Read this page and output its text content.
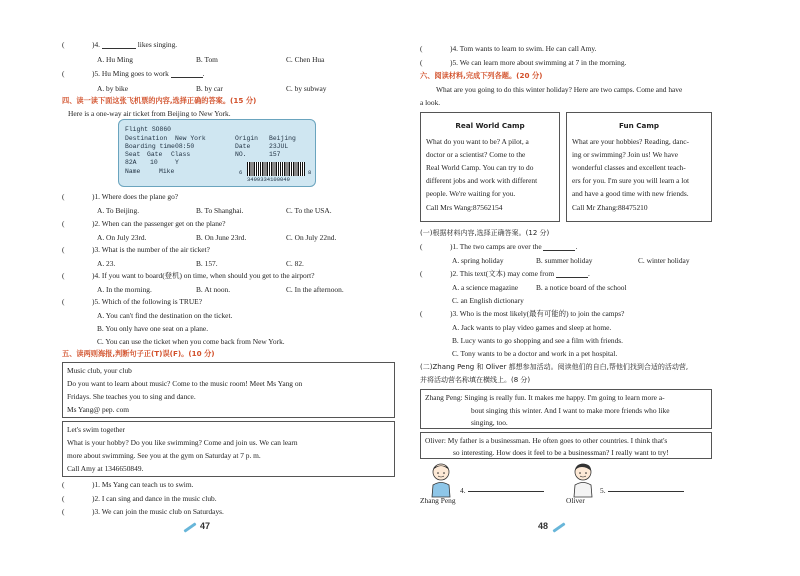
(	)4.	likes singing.
A. Hu Ming	B. Tom	C. Chen Hua
(	)5. Hu Ming goes to work	.
A. by bike	B. by car	C. by subway
四、读一读下面这张飞机票的内容,选择正确的答案。(15 分)
Here is a one-way air ticket from Beijing to New York.
Flight SO860
Destination New York	Origin Beijing
Boarding time 08:50	Date	23JUL
Seat Gate Class	NO.	157
82A 10	Y
Name	Mike	6	8
3499334100049
(	)1. Where does the plane go?
A. To Beijing.	B. To Shanghai.	C. To the USA.
(	)2. When can the passenger get on the plane?
A. On July 23rd.	B. On June 23rd.	C. On July 22nd.
(	)3. What is the number of the air ticket?
A. 23.	B. 157.	C. 82.
(	)4. If you want to board(登机) on time, when should you get to the airport?
A. In the morning.	B. At noon.	C. In the afternoon.
(	)5. Which of the following is TRUE?
A. You can't find the destination on the ticket.
B. You only have one seat on a plane.
C. You can use the ticket when you come back from New York.
五、读两则海报,判断句子正(T)误(F)。(10 分)
Music club, your club
Do you want to learn about music? Come to the music room! Meet Ms Yang on
Fridays. She teaches you to sing and dance.
Ms Yang@ pep. com
Let's swim together
What is your hobby? Do you like swimming? Come and join us. We can learn
more about swimming. See you at the gym on Saturday at 7 p. m.
Call Amy at 1346650849.
(	)1. Ms Yang can teach us to swim.
(	)2. I can sing and dance in the music club.
(	)3. We can join the music club on Saturdays.
47
(	)4. Tom wants to learn to swim. He can call Amy.
(	)5. We can learn more about swimming at 7 in the morning.
六、阅读材料,完成下列各题。(20 分)
What are you going to do this winter holiday? Here are two camps. Come and have
a look.
Real World Camp
What do you want to be? A pilot, a
doctor or a scientist? Come to the
Real World Camp. You can try to do
different jobs and work with different
people. We're waiting for you.
Call Mrs Wang:87562154
Fun Camp
What are your hobbies? Reading, danc-
ing or swimming? Join us! We have
wonderful classes and excellent teach-
ers for you. I'm sure you will learn a lot
and have a good time with new friends.
Call Mr Zhang:88475210
(一)根据材料内容,选择正确答案。(12 分)
(	)1. The two camps are over the	.
A. spring holiday	B. summer holiday	C. winter holiday
(	)2. This text(文本) may come from	.
A. a science magazine B. a notice board of the school
C. an English dictionary
(	)3. Who is the most likely(最有可能的) to join the camps?
A. Jack wants to play video games and sleep at home.
B. Lucy wants to go shopping and see a film with friends.
C. Tony wants to be a doctor and work in a pet hospital.
(二)Zhang Peng 和 Oliver 都想参加活动。阅读他们的自白,帮他们找到合适的活动营,
并将活动营名称填在横线上。(8 分)
Zhang Peng: Singing is really fun. It makes me happy. I'm going to learn more a-
bout singing this winter. And I want to make more friends who like
singing, too.
Oliver: My father is a businessman. He often goes to other countries. I think that's
so interesting. How does it feel to be a businessman? I really want to try!
Zhang Peng
4.
Oliver
5.
48
